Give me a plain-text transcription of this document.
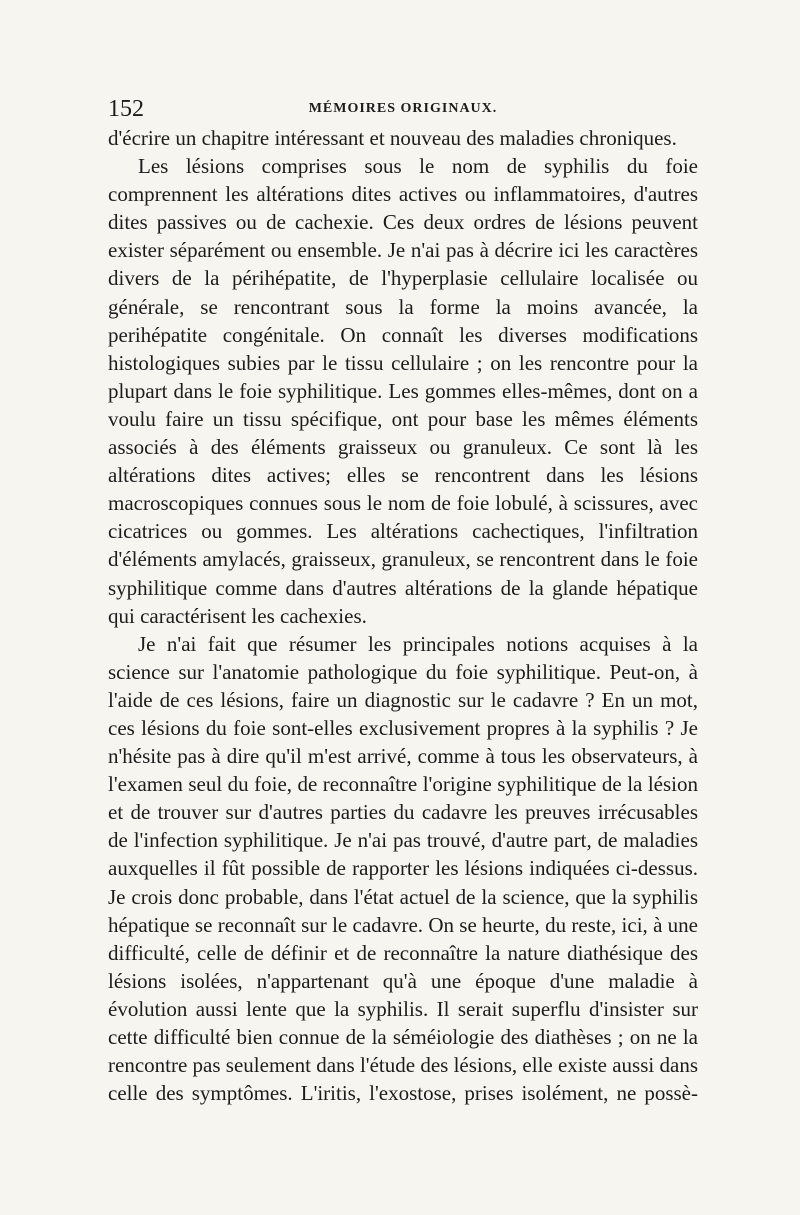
152	MÉMOIRES ORIGINAUX.

d'écrire un chapitre intéressant et nouveau des maladies chroniques.

Les lésions comprises sous le nom de syphilis du foie comprennent les altérations dites actives ou inflammatoires, d'autres dites passives ou de cachexie. Ces deux ordres de lésions peuvent exister séparément ou ensemble. Je n'ai pas à décrire ici les caractères divers de la périhépatite, de l'hyperplasie cellulaire localisée ou générale, se rencontrant sous la forme la moins avancée, la perihépatite congénitale. On connaît les diverses modifications histologiques subies par le tissu cellulaire ; on les rencontre pour la plupart dans le foie syphilitique. Les gommes elles-mêmes, dont on a voulu faire un tissu spécifique, ont pour base les mêmes éléments associés à des éléments graisseux ou granuleux. Ce sont là les altérations dites actives; elles se rencontrent dans les lésions macroscopiques connues sous le nom de foie lobulé, à scissures, avec cicatrices ou gommes. Les altérations cachectiques, l'infiltration d'éléments amylacés, graisseux, granuleux, se rencontrent dans le foie syphilitique comme dans d'autres altérations de la glande hépatique qui caractérisent les cachexies.

Je n'ai fait que résumer les principales notions acquises à la science sur l'anatomie pathologique du foie syphilitique. Peut-on, à l'aide de ces lésions, faire un diagnostic sur le cadavre ? En un mot, ces lésions du foie sont-elles exclusivement propres à la syphilis ? Je n'hésite pas à dire qu'il m'est arrivé, comme à tous les observateurs, à l'examen seul du foie, de reconnaître l'origine syphilitique de la lésion et de trouver sur d'autres parties du cadavre les preuves irrécusables de l'infection syphilitique. Je n'ai pas trouvé, d'autre part, de maladies auxquelles il fût possible de rapporter les lésions indiquées ci-dessus. Je crois donc probable, dans l'état actuel de la science, que la syphilis hépatique se reconnaît sur le cadavre. On se heurte, du reste, ici, à une difficulté, celle de définir et de reconnaître la nature diathésique des lésions isolées, n'appartenant qu'à une époque d'une maladie à évolution aussi lente que la syphilis. Il serait superflu d'insister sur cette difficulté bien connue de la séméiologie des diathèses ; on ne la rencontre pas seulement dans l'étude des lésions, elle existe aussi dans celle des symptômes. L'iritis, l'exostose, prises isolément, ne possè-
